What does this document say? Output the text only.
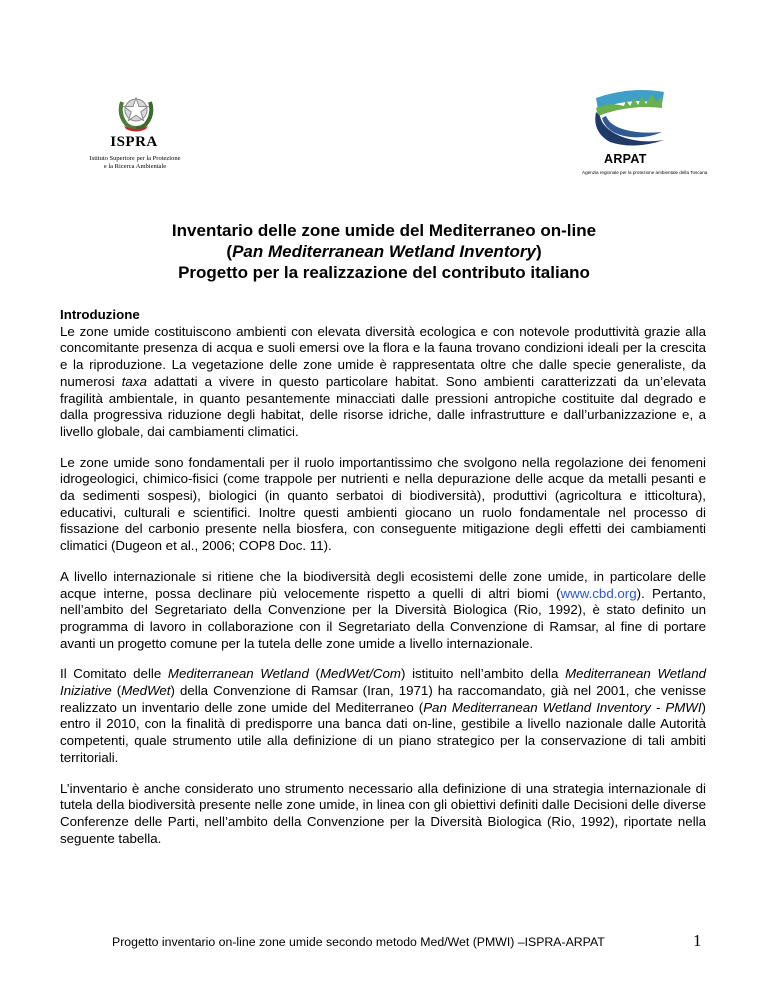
ISPRA
Istituto Superiore per la Protezione
e la Ricerca Ambientale
ARPAT
Agenzia regionale per la protezione ambientale della Toscana
Inventario delle zone umide del Mediterraneo on-line
(Pan Mediterranean Wetland Inventory)
Progetto per la realizzazione del contributo italiano
Introduzione

Le zone umide costituiscono ambienti con elevata diversità ecologica e con notevole produttività grazie alla concomitante presenza di acqua e suoli emersi ove la flora e la fauna trovano condizioni ideali per la crescita e la riproduzione. La vegetazione delle zone umide è rappresentata oltre che dalle specie generaliste, da numerosi taxa adattati a vivere in questo particolare habitat. Sono ambienti caratterizzati da un’elevata fragilità ambientale, in quanto pesantemente minacciati dalle pressioni antropiche costituite dal degrado e dalla progressiva riduzione degli habitat, delle risorse idriche, dalle infrastrutture e dall’urbanizzazione e, a livello globale, dai cambiamenti climatici.

Le zone umide sono fondamentali per il ruolo importantissimo che svolgono nella regolazione dei fenomeni idrogeologici, chimico-fisici (come trappole per nutrienti e nella depurazione delle acque da metalli pesanti e da sedimenti sospesi), biologici (in quanto serbatoi di biodiversità), produttivi (agricoltura e itticoltura), educativi, culturali e scientifici. Inoltre questi ambienti giocano un ruolo fondamentale nel processo di fissazione del carbonio presente nella biosfera, con conseguente mitigazione degli effetti dei cambiamenti climatici (Dugeon et al., 2006; COP8 Doc. 11).

A livello internazionale si ritiene che la biodiversità degli ecosistemi delle zone umide, in particolare delle acque interne, possa declinare più velocemente rispetto a quelli di altri biomi (www.cbd.org). Pertanto, nell’ambito del Segretariato della Convenzione per la Diversità Biologica (Rio, 1992), è stato definito un programma di lavoro in collaborazione con il Segretariato della Convenzione di Ramsar, al fine di portare avanti un progetto comune per la tutela delle zone umide a livello internazionale.

Il Comitato delle Mediterranean Wetland (MedWet/Com) istituito nell’ambito della Mediterranean Wetland Iniziative (MedWet) della Convenzione di Ramsar (Iran, 1971) ha raccomandato, già nel 2001, che venisse realizzato un inventario delle zone umide del Mediterraneo (Pan Mediterranean Wetland Inventory - PMWI) entro il 2010, con la finalità di predisporre una banca dati on-line, gestibile a livello nazionale dalle Autorità competenti, quale strumento utile alla definizione di un piano strategico per la conservazione di tali ambiti territoriali.

L’inventario è anche considerato uno strumento necessario alla definizione di una strategia internazionale di tutela della biodiversità presente nelle zone umide, in linea con gli obiettivi definiti dalle Decisioni delle diverse Conferenze delle Parti, nell’ambito della Convenzione per la Diversità Biologica (Rio, 1992), riportate nella seguente tabella.

Progetto inventario on-line zone umide secondo metodo Med/Wet (PMWI) –ISPRA-ARPAT	1
